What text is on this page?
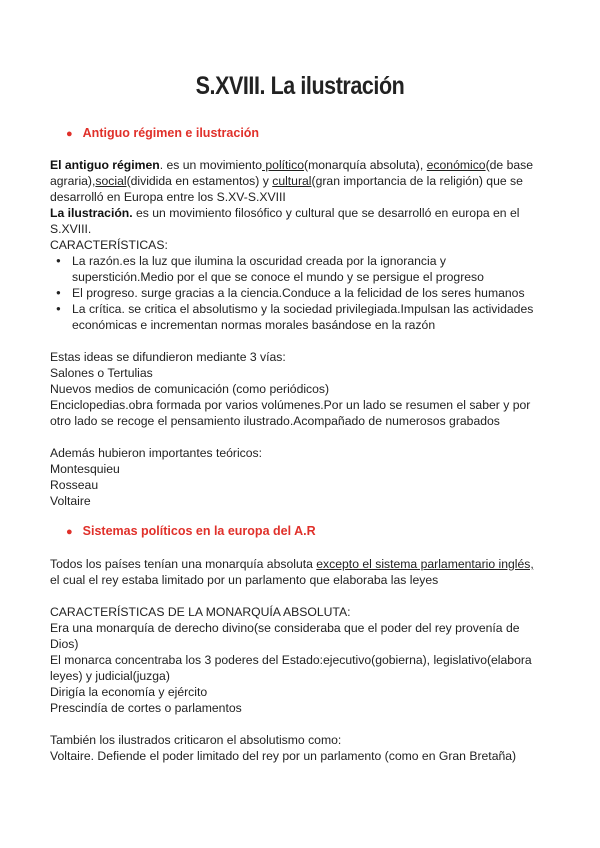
S.XVIII. La ilustración
● Antiguo régimen e ilustración

El antiguo régimen. es un movimiento político(monarquía absoluta), económico(de base agraria),social(dividida en estamentos) y cultural(gran importancia de la religión) que se desarrolló en Europa entre los S.XV-S.XVIII

La ilustración. es un movimiento filosófico y cultural que se desarrolló en europa en el S.XVIII.

CARACTERÍSTICAS:

● La razón.es la luz que ilumina la oscuridad creada por la ignorancia y superstición.Medio por el que se conoce el mundo y se persigue el progreso
● El progreso. surge gracias a la ciencia.Conduce a la felicidad de los seres humanos
● La crítica. se critica el absolutismo y la sociedad privilegiada.Impulsan las actividades económicas e incrementan normas morales basándose en la razón

Estas ideas se difundieron mediante 3 vías:

Salones o Tertulias

Nuevos medios de comunicación (como periódicos)

Enciclopedias.obra formada por varios volúmenes.Por un lado se resumen el saber y por otro lado se recoge el pensamiento ilustrado.Acompañado de numerosos grabados

Además hubieron importantes teóricos:

Montesquieu

Rosseau

Voltaire

● Sistemas políticos en la europa del A.R

Todos los países tenían una monarquía absoluta excepto el sistema parlamentario inglés, el cual el rey estaba limitado por un parlamento que elaboraba las leyes

CARACTERÍSTICAS DE LA MONARQUÍA ABSOLUTA:

Era una monarquía de derecho divino(se consideraba que el poder del rey provenía de Dios)

El monarca concentraba los 3 poderes del Estado:ejecutivo(gobierna), legislativo(elabora leyes) y judicial(juzga)

Dirigía la economía y ejército

Prescindía de cortes o parlamentos

También los ilustrados criticaron el absolutismo como:

Voltaire. Defiende el poder limitado del rey por un parlamento (como en Gran Bretaña)
